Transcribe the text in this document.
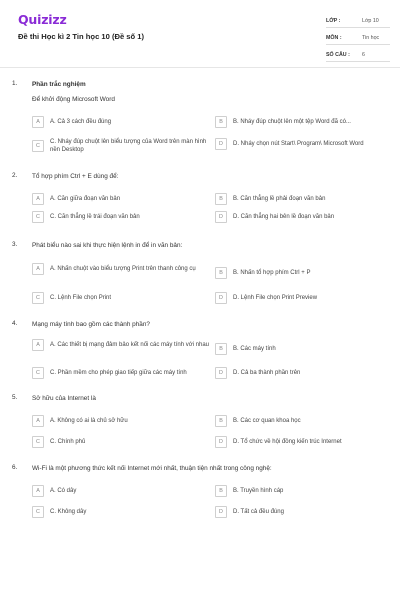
Quizizz
Đề thi Học kì 2 Tin học 10 (Đề số 1)
LỚP :	Lớp 10
MÔN :	Tin học
SỐ CÂU :	6
1.	Phần trắc nghiệm
Để khởi động Microsoft Word
A	A. Cả 3 cách đều đúng	B	B. Nháy đúp chuột lên một tệp Word đã có...
C
C. Nháy đúp chuột lên biểu tượng của Word trên màn hình nền Desktop
D	D. Nháy chọn nút Start\ Program\ Microsoft Word
2.	Tổ hợp phím Ctrl + E dùng để:
A	A. Căn giữa đoạn văn bản	B	B. Căn thẳng lề phải đoạn văn bản
C	C. Căn thẳng lề trái đoạn văn bản	D	D. Căn thẳng hai bên lề đoạn văn bản
3.	Phát biểu nào sai khi thực hiện lệnh in để in văn bản:
A	A. Nhấn chuột vào biểu tượng Print trên thanh công cụ
B	B. Nhấn tổ hợp phím Ctrl + P
C	C. Lệnh File chọn Print	D	D. Lệnh File chọn Print Preview
4.	Mạng máy tính bao gồm các thành phần?
A	A. Các thiết bị mạng đảm bảo kết nối các máy tính với nhau
B	B. Các máy tính
C	C. Phần mềm cho phép giao tiếp giữa các máy tính	D	D. Cả ba thành phần trên
5.	Sở hữu của Internet là
A	A. Không có ai là chủ sở hữu	B	B. Các cơ quan khoa học
C	C. Chính phủ	D	D. Tổ chức về hội đồng kiến trúc Internet
6.	Wi-Fi là một phương thức kết nối Internet mới nhất, thuận tiện nhất trong công nghệ:
A	A. Có dây	B	B. Truyền hình cáp
C	C. Không dây	D	D. Tất cả đều đúng
